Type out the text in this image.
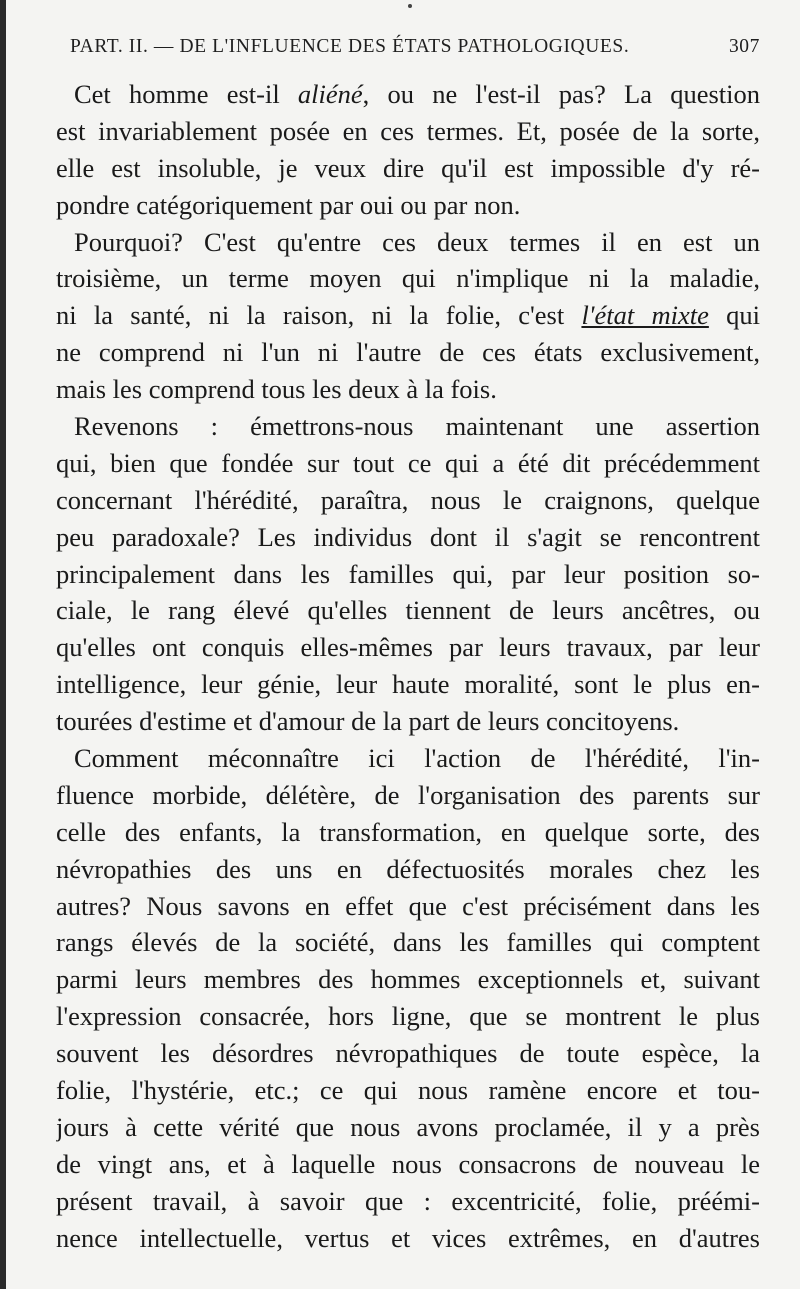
PART. II. — DE L'INFLUENCE DES ÉTATS PATHOLOGIQUES.	307
Cet homme est-il aliéné, ou ne l'est-il pas? La question
est invariablement posée en ces termes. Et, posée de la sorte,
elle est insoluble, je veux dire qu'il est impossible d'y ré-
pondre catégoriquement par oui ou par non.
Pourquoi? C'est qu'entre ces deux termes il en est un
troisième, un terme moyen qui n'implique ni la maladie,
ni la santé, ni la raison, ni la folie, c'est l'état mixte qui
ne comprend ni l'un ni l'autre de ces états exclusivement,
mais les comprend tous les deux à la fois.
Revenons : émettrons-nous maintenant une assertion
qui, bien que fondée sur tout ce qui a été dit précédemment
concernant l'hérédité, paraîtra, nous le craignons, quelque
peu paradoxale? Les individus dont il s'agit se rencontrent
principalement dans les familles qui, par leur position so-
ciale, le rang élevé qu'elles tiennent de leurs ancêtres, ou
qu'elles ont conquis elles-mêmes par leurs travaux, par leur
intelligence, leur génie, leur haute moralité, sont le plus en-
tourées d'estime et d'amour de la part de leurs concitoyens.
Comment méconnaître ici l'action de l'hérédité, l'in-
fluence morbide, délétère, de l'organisation des parents sur
celle des enfants, la transformation, en quelque sorte, des
névropathies des uns en défectuosités morales chez les
autres? Nous savons en effet que c'est précisément dans les
rangs élevés de la société, dans les familles qui comptent
parmi leurs membres des hommes exceptionnels et, suivant
l'expression consacrée, hors ligne, que se montrent le plus
souvent les désordres névropathiques de toute espèce, la
folie, l'hystérie, etc.; ce qui nous ramène encore et tou-
jours à cette vérité que nous avons proclamée, il y a près
de vingt ans, et à laquelle nous consacrons de nouveau le
présent travail, à savoir que : excentricité, folie, préémi-
nence intellectuelle, vertus et vices extrêmes, en d'autres
